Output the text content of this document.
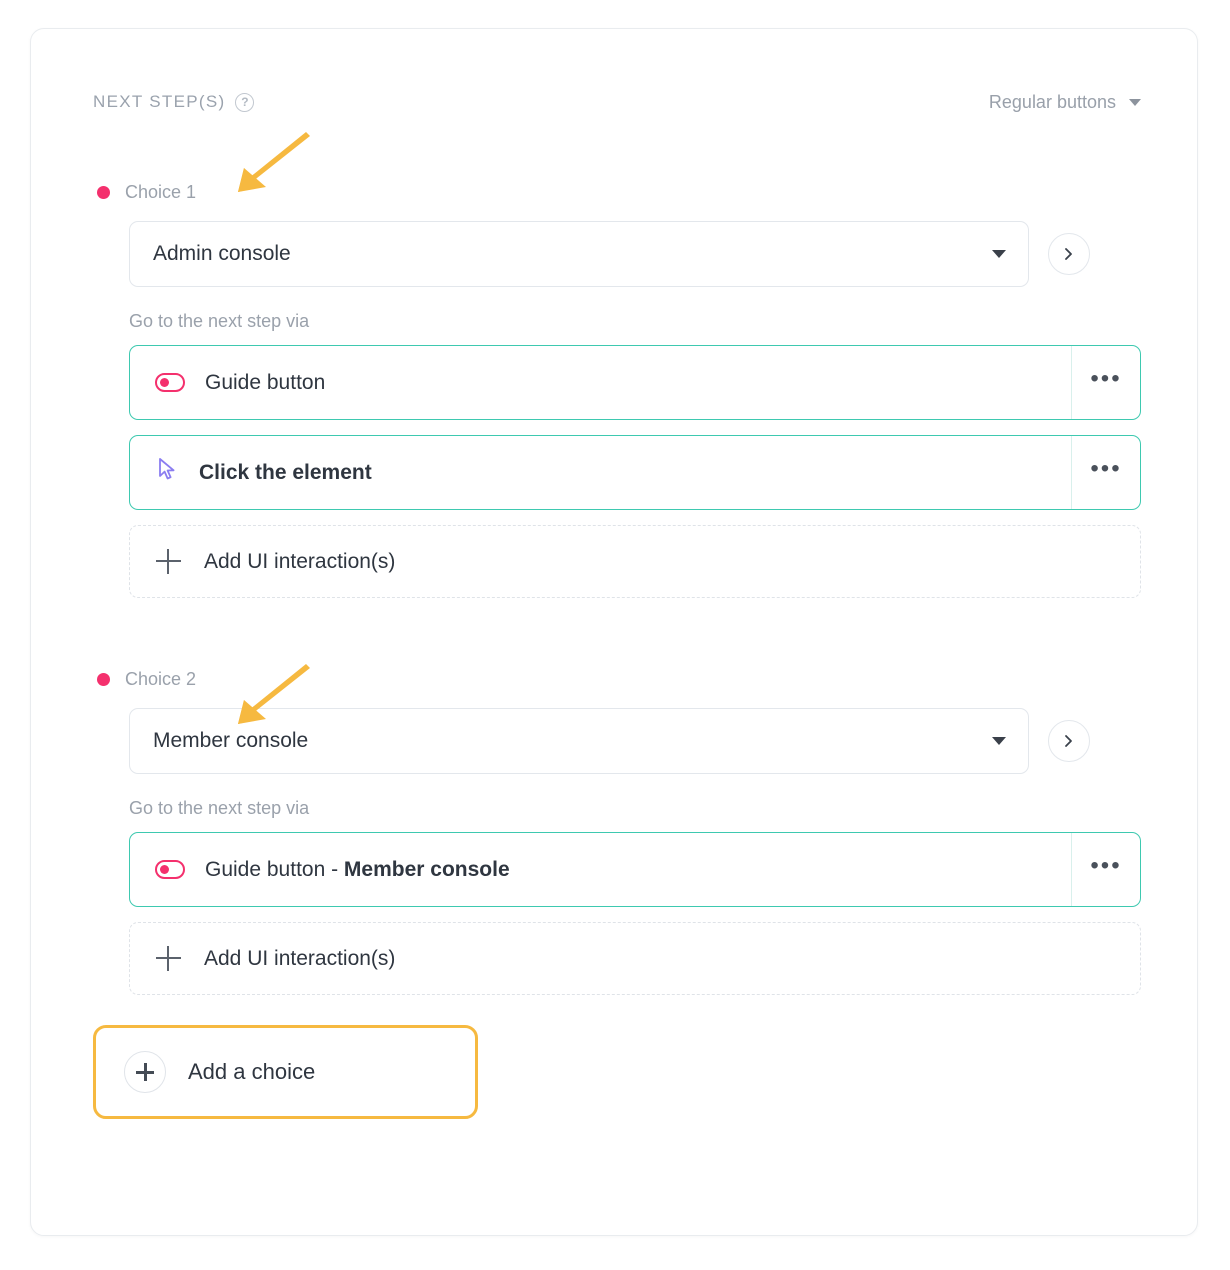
NEXT STEP(S)	?	Regular buttons
Choice 1
Admin console
Go to the next step via
Guide button	•••
Click the element	•••
Add UI interaction(s)
Choice 2
Member console
Go to the next step via
Guide button - Member console	•••
Add UI interaction(s)
Add a choice
